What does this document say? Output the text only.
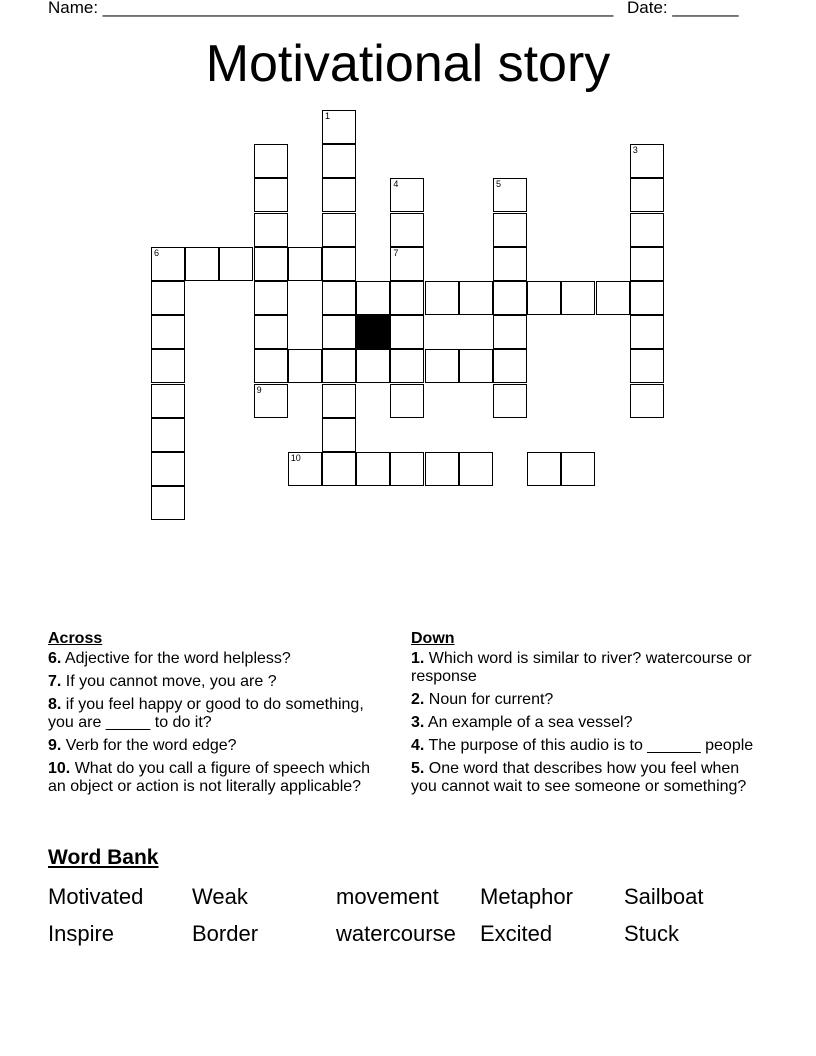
Name: ______________________________________________________ Date: _______
Motivational story
6
9
1
4
7
5
3
10
Across
6. Adjective for the word helpless?
7. If you cannot move, you are ?
8. if you feel happy or good to do something, you are _____ to do it?
9. Verb for the word edge?
10. What do you call a figure of speech which an object or action is not literally applicable?
Down
1. Which word is similar to river? watercourse or response
2. Noun for current?
3. An example of a sea vessel?
4. The purpose of this audio is to ______ people
5. One word that describes how you feel when you cannot wait to see someone or something?
Word Bank
Motivated Weak	movement Metaphor Sailboat
Inspire	Border	watercourse Excited	Stuck
